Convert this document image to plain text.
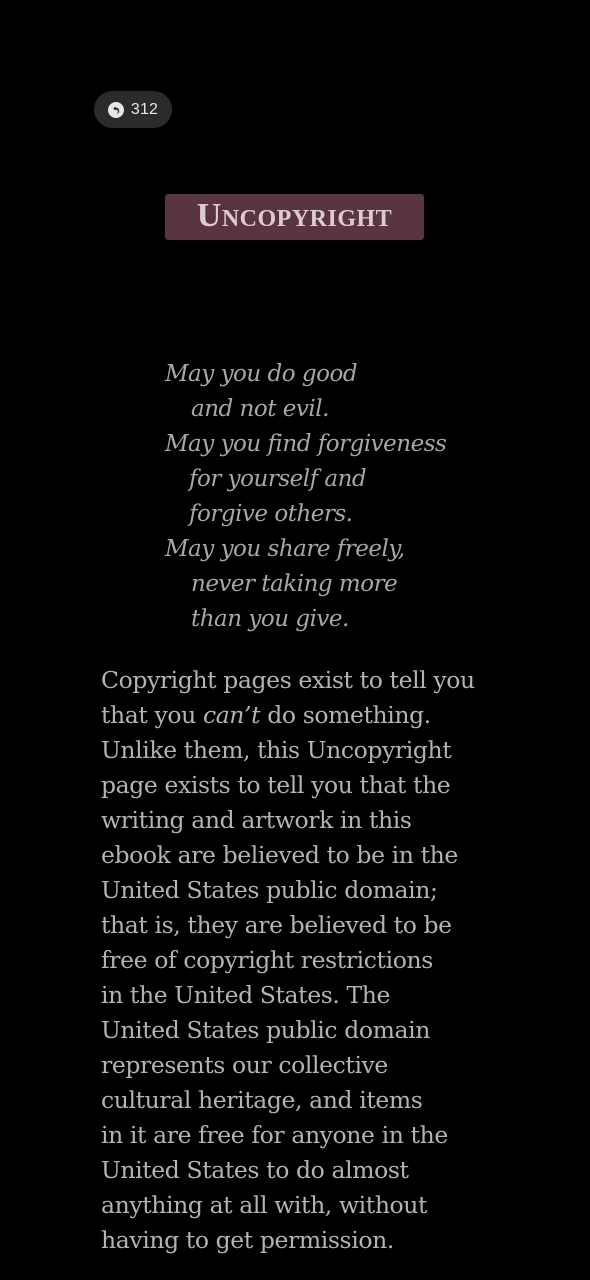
312
Uncopyright
May you do good
and not evil.
May you find forgiveness
for yourself and
forgive others.
May you share freely,
never taking more
than you give.
Copyright pages exist to tell you
that you can’t do something.
Unlike them, this Uncopyright
page exists to tell you that the
writing and artwork in this
ebook are believed to be in the
United States public domain;
that is, they are believed to be
free of copyright restrictions
in the United States. The
United States public domain
represents our collective
cultural heritage, and items
in it are free for anyone in the
United States to do almost
anything at all with, without
having to get permission.
